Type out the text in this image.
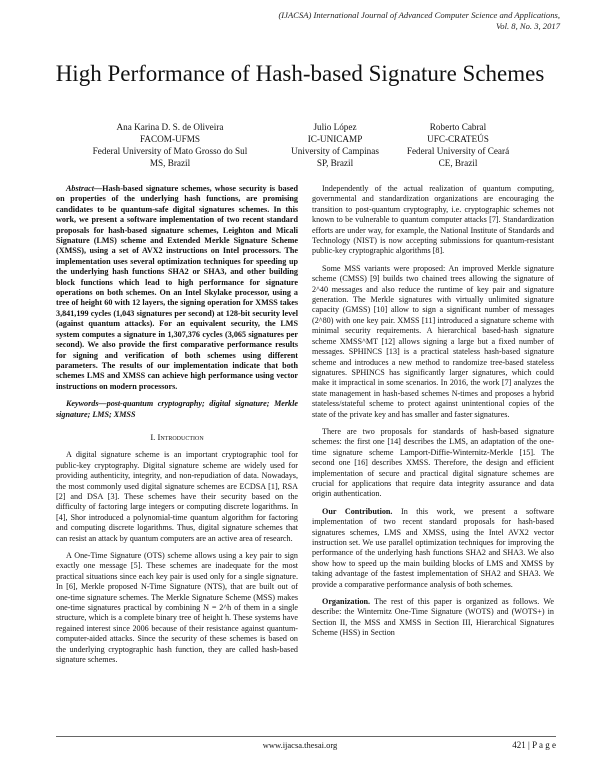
(IJACSA) International Journal of Advanced Computer Science and Applications,
Vol. 8, No. 3, 2017
High Performance of Hash-based Signature Schemes
Ana Karina D. S. de Oliveira
FACOM-UFMS
Federal University of Mato Grosso do Sul
MS, Brazil
Julio López
IC-UNICAMP
University of Campinas
SP, Brazil
Roberto Cabral
UFC-CRATEÚS
Federal University of Ceará
CE, Brazil

Abstract—Hash-based signature schemes, whose security is based on properties of the underlying hash functions, are promising candidates to be quantum-safe digital signatures schemes. In this work, we present a software implementation of two recent standard proposals for hash-based signature schemes, Leighton and Micali Signature (LMS) scheme and Extended Merkle Signature Scheme (XMSS), using a set of AVX2 instructions on Intel processors. The implementation uses several optimization techniques for speeding up the underlying hash functions SHA2 or SHA3, and other building block functions which lead to high performance for signature operations on both schemes. On an Intel Skylake processor, using a tree of height 60 with 12 layers, the signing operation for XMSS takes 3,841,199 cycles (1,043 signatures per second) at 128-bit security level (against quantum attacks). For an equivalent security, the LMS system computes a signature in 1,307,376 cycles (3,065 signatures per second). We also provide the first comparative performance results for signing and verification of both schemes using different parameters. The results of our implementation indicate that both schemes LMS and XMSS can achieve high performance using vector instructions on modern processors.

Keywords—post-quantum cryptography; digital signature; Merkle signature; LMS; XMSS

I. Introduction

A digital signature scheme is an important cryptographic tool for public-key cryptography. Digital signature scheme are widely used for providing authenticity, integrity, and non-repudiation of data. Nowadays, the most commonly used digital signature schemes are ECDSA [1], RSA [2] and DSA [3]. These schemes have their security based on the difficulty of factoring large integers or computing discrete logarithms. In [4], Shor introduced a polynomial-time quantum algorithm for factoring and computing discrete logarithms. Thus, digital signature schemes that can resist an attack by quantum computers are an active area of research.

A One-Time Signature (OTS) scheme allows using a key pair to sign exactly one message [5]. These schemes are inadequate for the most practical situations since each key pair is used only for a single signature. In [6], Merkle proposed N-Time Signature (NTS), that are built out of one-time signature schemes. The Merkle Signature Scheme (MSS) makes one-time signatures practical by combining N = 2^h of them in a single structure, which is a complete binary tree of height h. These systems have regained interest since 2006 because of their resistance against quantum-computer-aided attacks. Since the security of these schemes is based on the underlying cryptographic hash function, they are called hash-based signature schemes.

Independently of the actual realization of quantum computing, governmental and standardization organizations are encouraging the transition to post-quantum cryptography, i.e. cryptographic schemes not known to be vulnerable to quantum computer attacks [7]. Standardization efforts are under way, for example, the National Institute of Standards and Technology (NIST) is now accepting submissions for quantum-resistant public-key cryptographic algorithms [8].

Some MSS variants were proposed: An improved Merkle signature scheme (CMSS) [9] builds two chained trees allowing the signature of 2^40 messages and also reduce the runtime of key pair and signature generation. The Merkle signatures with virtually unlimited signature capacity (GMSS) [10] allow to sign a significant number of messages (2^80) with one key pair. XMSS [11] introduced a signature scheme with minimal security requirements. A hierarchical based-hash signature scheme XMSS^MT [12] allows signing a large but a fixed number of messages. SPHINCS [13] is a practical stateless hash-based signature scheme and introduces a new method to randomize tree-based stateless signatures. SPHINCS has significantly larger signatures, which could make it impractical in some scenarios. In 2016, the work [7] analyzes the state management in hash-based schemes N-times and proposes a hybrid stateless/stateful scheme to protect against unintentional copies of the state of the private key and has smaller and faster signatures.

There are two proposals for standards of hash-based signature schemes: the first one [14] describes the LMS, an adaptation of the one-time signature scheme Lamport-Diffie-Winternitz-Merkle [15]. The second one [16] describes XMSS. Therefore, the design and efficient implementation of secure and practical digital signature schemes are crucial for applications that require data integrity assurance and data origin authentication.

Our Contribution. In this work, we present a software implementation of two recent standard proposals for hash-based signatures schemes, LMS and XMSS, using the Intel AVX2 vector instruction set. We use parallel optimization techniques for improving the performance of the underlying hash functions SHA2 and SHA3. We also show how to speed up the main building blocks of LMS and XMSS by taking advantage of the fastest implementation of SHA2 and SHA3. We provide a comparative performance analysis of both schemes.

Organization. The rest of this paper is organized as follows. We describe: the Winternitz One-Time Signature (WOTS) and (WOTS+) in Section II, the MSS and XMSS in Section III, Hierarchical Signatures Scheme (HSS) in Section

www.ijacsa.thesai.org	421 | P a g e
